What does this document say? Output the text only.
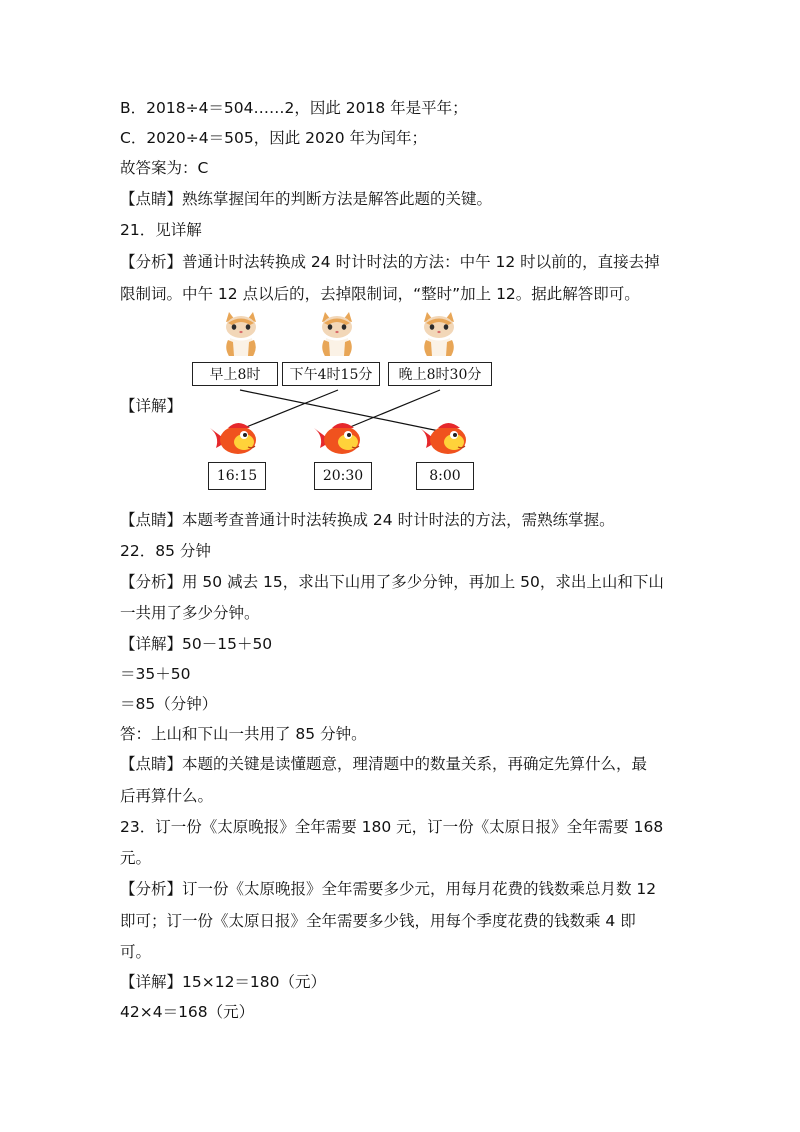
B．2018÷4＝504……2，因此 2018 年是平年；
C．2020÷4＝505，因此 2020 年为闰年；
故答案为：C
【点睛】熟练掌握闰年的判断方法是解答此题的关键。
21．见详解
【分析】普通计时法转换成 24 时计时法的方法：中午 12 时以前的，直接去掉
限制词。中午 12 点以后的，去掉限制词，“整时”加上 12。据此解答即可。
【详解】
早上8时	下午4时15分	晚上8时30分
16:15	20:30	8:00
【点睛】本题考查普通计时法转换成 24 时计时法的方法，需熟练掌握。
22．85 分钟
【分析】用 50 减去 15，求出下山用了多少分钟，再加上 50，求出上山和下山
一共用了多少分钟。
【详解】50－15＋50
＝35＋50
＝85（分钟）
答：上山和下山一共用了 85 分钟。
【点睛】本题的关键是读懂题意，理清题中的数量关系，再确定先算什么，最
后再算什么。
23．订一份《太原晚报》全年需要 180 元，订一份《太原日报》全年需要 168
元。
【分析】订一份《太原晚报》全年需要多少元，用每月花费的钱数乘总月数 12
即可；订一份《太原日报》全年需要多少钱，用每个季度花费的钱数乘 4 即
可。
【详解】15×12＝180（元）
42×4＝168（元）
